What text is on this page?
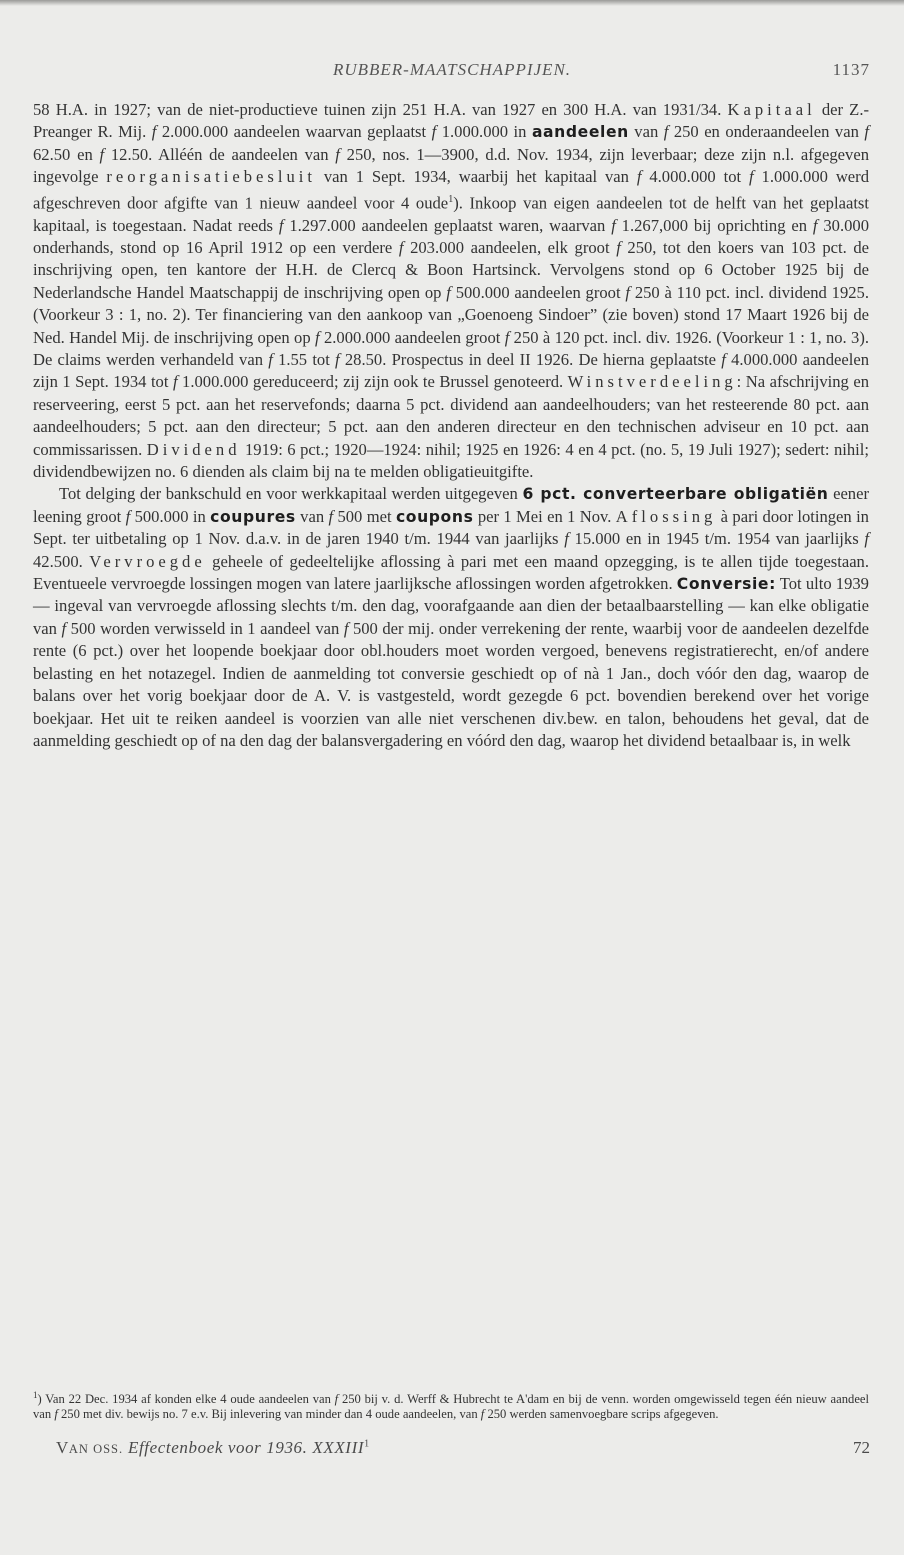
RUBBER-MAATSCHAPPIJEN.	1137

58 H.A. in 1927; van de niet-productieve tuinen zijn 251 H.A. van 1927 en 300 H.A. van 1931/34. Kapitaal der Z.-Preanger R. Mij. f 2.000.000 aandeelen waarvan geplaatst f 1.000.000 in aandeelen van f 250 en onderaandeelen van f 62.50 en f 12.50. Alléén de aandeelen van f 250, nos. 1—3900, d.d. Nov. 1934, zijn leverbaar; deze zijn n.l. afgegeven ingevolge reorganisatiebesluit van 1 Sept. 1934, waarbij het kapitaal van f 4.000.000 tot f 1.000.000 werd afgeschreven door afgifte van 1 nieuw aandeel voor 4 oude$^1$). Inkoop van eigen aandeelen tot de helft van het geplaatst kapitaal, is toegestaan. Nadat reeds f 1.297.000 aandeelen geplaatst waren, waarvan f 1.267,000 bij oprichting en f 30.000 onderhands, stond op 16 April 1912 op een verdere f 203.000 aandeelen, elk groot f 250, tot den koers van 103 pct. de inschrijving open, ten kantore der H.H. de Clercq & Boon Hartsinck. Vervolgens stond op 6 October 1925 bij de Nederlandsche Handel Maatschappij de inschrijving open op f 500.000 aandeelen groot f 250 à 110 pct. incl. dividend 1925. (Voorkeur 3 : 1, no. 2). Ter financiering van den aankoop van „Goenoeng Sindoer” (zie boven) stond 17 Maart 1926 bij de Ned. Handel Mij. de inschrijving open op f 2.000.000 aandeelen groot f 250 à 120 pct. incl. div. 1926. (Voorkeur 1 : 1, no. 3). De claims werden verhandeld van f 1.55 tot f 28.50. Prospectus in deel II 1926. De hierna geplaatste f 4.000.000 aandeelen zijn 1 Sept. 1934 tot f 1.000.000 gereduceerd; zij zijn ook te Brussel genoteerd. Winstverdeeling: Na afschrijving en reserveering, eerst 5 pct. aan het reservefonds; daarna 5 pct. dividend aan aandeelhouders; van het resteerende 80 pct. aan aandeelhouders; 5 pct. aan den directeur; 5 pct. aan den anderen directeur en den technischen adviseur en 10 pct. aan commissarissen. Dividend 1919: 6 pct.; 1920—1924: nihil; 1925 en 1926: 4 en 4 pct. (no. 5, 19 Juli 1927); sedert: nihil; dividendbewijzen no. 6 dienden als claim bij na te melden obligatieuitgifte.

Tot delging der bankschuld en voor werkkapitaal werden uitgegeven 6 pct. converteerbare obligatiën eener leening groot f 500.000 in coupures van f 500 met coupons per 1 Mei en 1 Nov. Aflossing à pari door lotingen in Sept. ter uitbetaling op 1 Nov. d.a.v. in de jaren 1940 t/m. 1944 van jaarlijks f 15.000 en in 1945 t/m. 1954 van jaarlijks f 42.500. Vervroegde geheele of gedeeltelijke aflossing à pari met een maand opzegging, is te allen tijde toegestaan. Eventueele vervroegde lossingen mogen van latere jaarlijksche aflossingen worden afgetrokken. Conversie: Tot ulto 1939 — ingeval van vervroegde aflossing slechts t/m. den dag, voorafgaande aan dien der betaalbaarstelling — kan elke obligatie van f 500 worden verwisseld in 1 aandeel van f 500 der mij. onder verrekening der rente, waarbij voor de aandeelen dezelfde rente (6 pct.) over het loopende boekjaar door obl.houders moet worden vergoed, benevens registratierecht, en/of andere belasting en het notazegel. Indien de aanmelding tot conversie geschiedt op of nà 1 Jan., doch vóór den dag, waarop de balans over het vorig boekjaar door de A. V. is vastgesteld, wordt gezegde 6 pct. bovendien berekend over het vorige boekjaar. Het uit te reiken aandeel is voorzien van alle niet verschenen div.bew. en talon, behoudens het geval, dat de aanmelding geschiedt op of na den dag der balansvergadering en vóórd den dag, waarop het dividend betaalbaar is, in welk

$^1$) Van 22 Dec. 1934 af konden elke 4 oude aandeelen van f 250 bij v. d. Werff & Hubrecht te A'dam en bij de venn. worden omgewisseld tegen één nieuw aandeel van f 250 met div. bewijs no. 7 e.v. Bij inlevering van minder dan 4 oude aandeelen, van f 250 werden samenvoegbare scrips afgegeven.

VAN OSS. Effectenboek voor 1936. XXXIII$^1$	72
